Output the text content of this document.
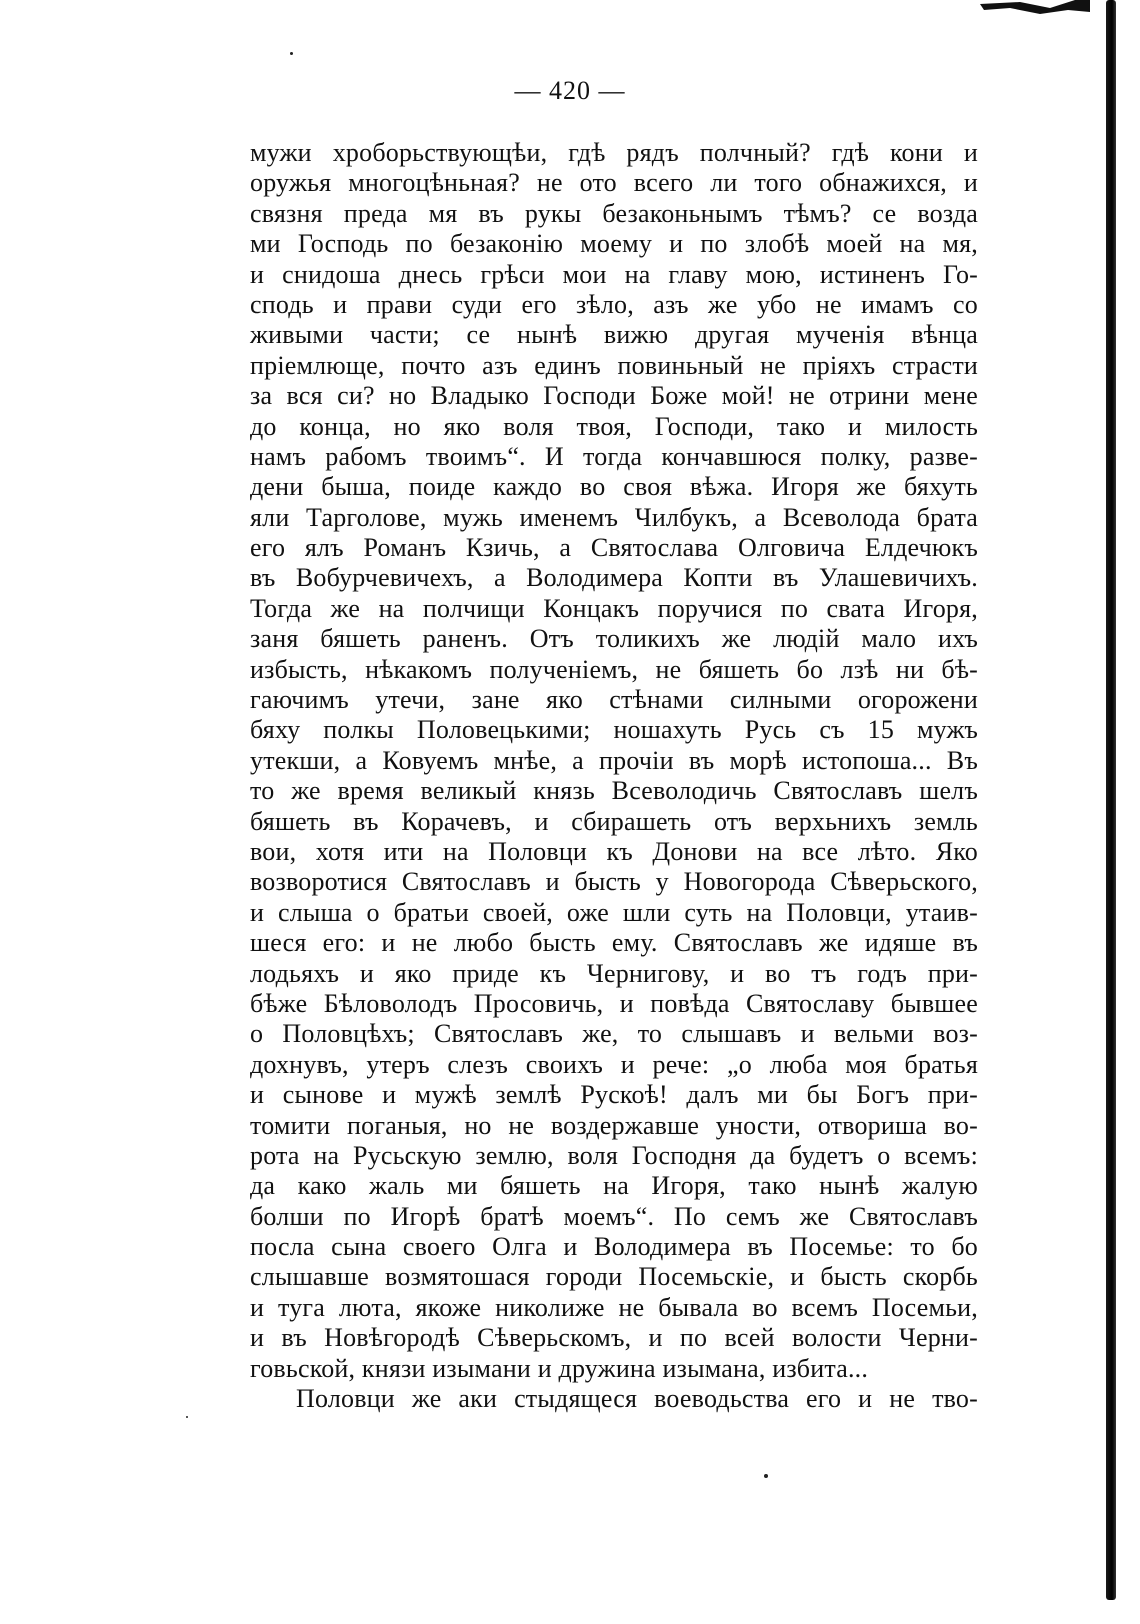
— 420 —
мужи хроборьствующѣи, гдѣ рядъ полчный? гдѣ кони и
оружья многоцѣньная? не ото всего ли того обнажихся, и
связня преда мя въ рукы безаконьнымъ тѣмъ? се возда
ми Господь по безаконію моему и по злобѣ моей на мя,
и снидоша днесь грѣси мои на главу мою, истиненъ Го-
сподь и прави суди его зѣло, азъ же убо не имамъ со
живыми части; се нынѣ вижю другая мученія вѣнца
пріемлюще, почто азъ единъ повиньный не пріяхъ страсти
за вся си? но Владыко Господи Боже мой! не отрини мене
до конца, но яко воля твоя, Господи, тако и милость
намъ рабомъ твоимъ“. И тогда кончавшюся полку, разве-
дени быша, поиде каждо во своя вѣжа. Игоря же бяхуть
яли Тарголове, мужь именемъ Чилбукъ, а Всеволода брата
его ялъ Романъ Кзичь, а Святослава Олговича Елдечюкъ
въ Вобурчевичехъ, а Володимера Копти въ Улашевичихъ.
Тогда же на полчищи Концакъ поручися по свата Игоря,
заня бяшеть раненъ. Отъ толикихъ же людій мало ихъ
избысть, нѣкакомъ полученіемъ, не бяшеть бо лзѣ ни бѣ-
гаючимъ утечи, зане яко стѣнами силными огорожени
бяху полкы Половецькими; ношахуть Русь съ 15 мужъ
утекши, а Ковуемъ мнѣе, а прочіи въ морѣ истопоша... Въ
то же время великый князь Всеволодичь Святославъ шелъ
бяшеть въ Корачевъ, и сбирашеть отъ верхьнихъ земль
вои, хотя ити на Половци къ Донови на все лѣто. Яко
возворотися Святославъ и бысть у Новогорода Сѣверьского,
и слыша о братьи своей, оже шли суть на Половци, утаив-
шеся его: и не любо бысть ему. Святославъ же идяше въ
лодьяхъ и яко приде къ Чернигову, и во тъ годъ при-
бѣже Бѣловолодъ Просовичь, и повѣда Святославу бывшее
о Половцѣхъ; Святославъ же, то слышавъ и вельми воз-
дохнувъ, утеръ слезъ своихъ и рече: „о люба моя братья
и сынове и мужѣ землѣ Рускоѣ! далъ ми бы Богъ при-
томити поганыя, но не воздержавше уности, отвориша во-
рота на Русьскую землю, воля Господня да будетъ о всемъ:
да како жаль ми бяшеть на Игоря, тако нынѣ жалую
болши по Игорѣ братѣ моемъ“. По семъ же Святославъ
посла сына своего Олга и Володимера въ Посемье: то бо
слышавше возмятошася городи Посемьскіе, и бысть скорбь
и туга люта, якоже николиже не бывала во всемъ Посемьи,
и въ Новѣгородѣ Сѣверьскомъ, и по всей волости Черни-
говьской, князи изымани и дружина изымана, избита...
Половци же аки стыдящеся воеводьства его и не тво-
